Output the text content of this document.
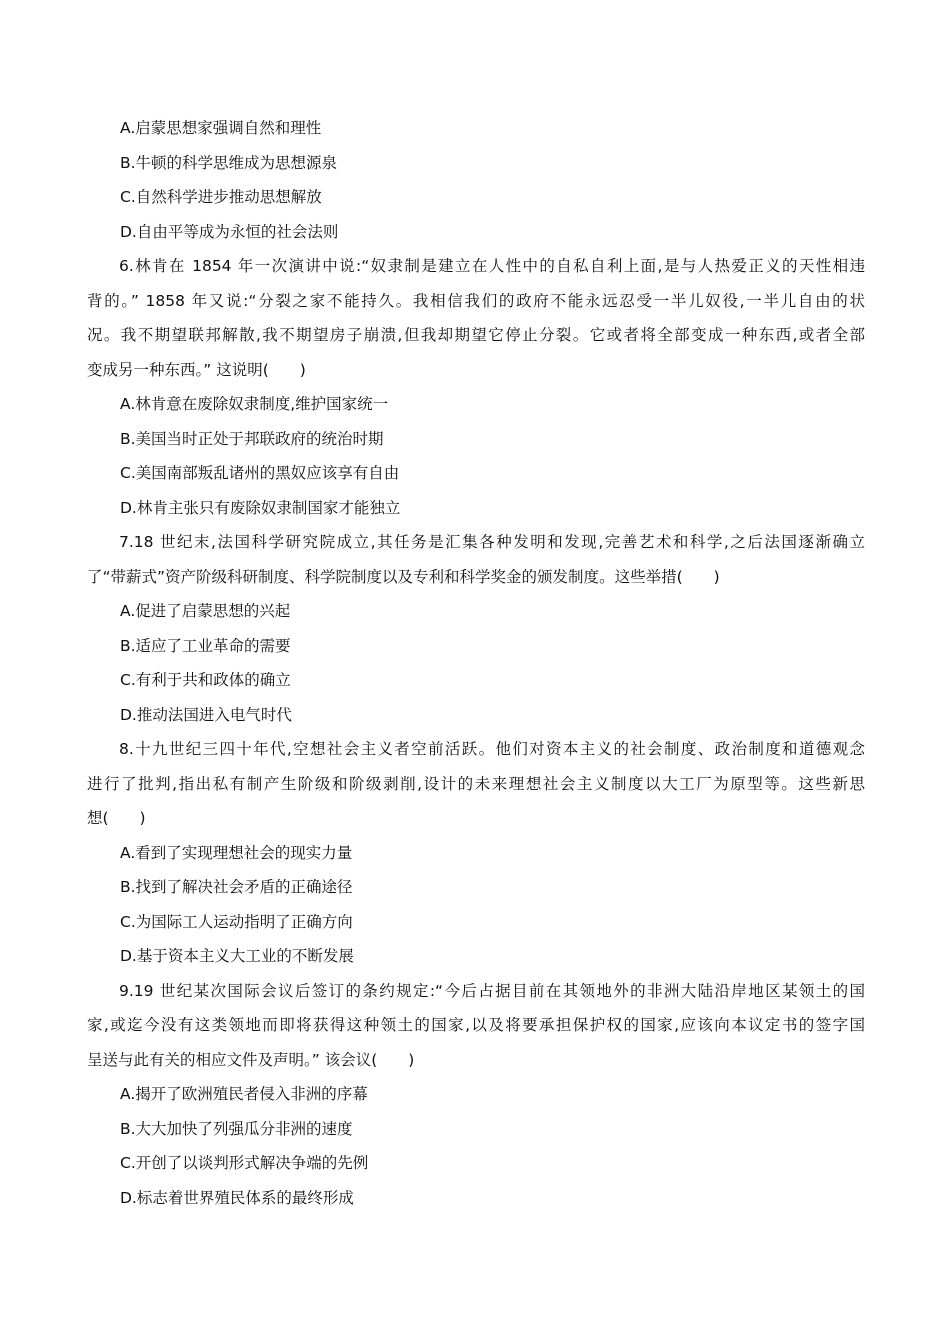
A.启蒙思想家强调自然和理性
B.牛顿的科学思维成为思想源泉
C.自然科学进步推动思想解放
D.自由平等成为永恒的社会法则
6.林肯在 1854 年一次演讲中说:“奴隶制是建立在人性中的自私自利上面,是与人热爱正义的天性相违
背的。” 1858 年又说:“分裂之家不能持久。我相信我们的政府不能永远忍受一半儿奴役,一半儿自由的状
况。我不期望联邦解散,我不期望房子崩溃,但我却期望它停止分裂。它或者将全部变成一种东西,或者全部
变成另一种东西。” 这说明(　　)
A.林肯意在废除奴隶制度,维护国家统一
B.美国当时正处于邦联政府的统治时期
C.美国南部叛乱诸州的黑奴应该享有自由
D.林肯主张只有废除奴隶制国家才能独立
7.18 世纪末,法国科学研究院成立,其任务是汇集各种发明和发现,完善艺术和科学,之后法国逐渐确立
了“带薪式”资产阶级科研制度、科学院制度以及专利和科学奖金的颁发制度。这些举措(　　)
A.促进了启蒙思想的兴起
B.适应了工业革命的需要
C.有利于共和政体的确立
D.推动法国进入电气时代
8.十九世纪三四十年代,空想社会主义者空前活跃。他们对资本主义的社会制度、政治制度和道德观念
进行了批判,指出私有制产生阶级和阶级剥削,设计的未来理想社会主义制度以大工厂为原型等。这些新思
想(　　)
A.看到了实现理想社会的现实力量
B.找到了解决社会矛盾的正确途径
C.为国际工人运动指明了正确方向
D.基于资本主义大工业的不断发展
9.19 世纪某次国际会议后签订的条约规定:“今后占据目前在其领地外的非洲大陆沿岸地区某领土的国
家,或迄今没有这类领地而即将获得这种领土的国家,以及将要承担保护权的国家,应该向本议定书的签字国
呈送与此有关的相应文件及声明。” 该会议(　　)
A.揭开了欧洲殖民者侵入非洲的序幕
B.大大加快了列强瓜分非洲的速度
C.开创了以谈判形式解决争端的先例
D.标志着世界殖民体系的最终形成
